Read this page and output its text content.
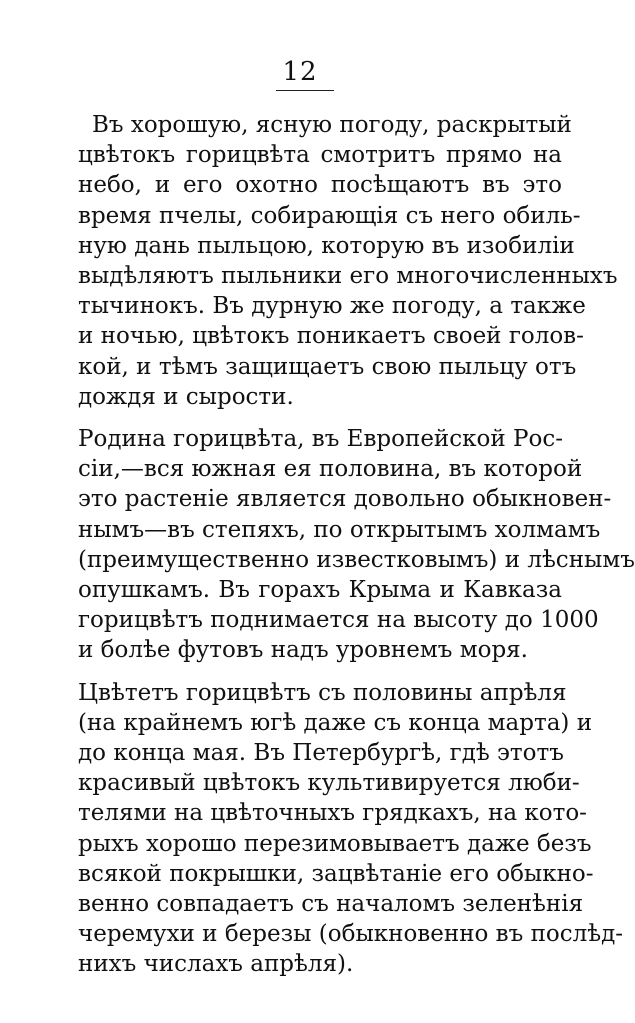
12

Въ хорошую, ясную погоду, раскрытый
цвѣтокъ горицвѣта смотритъ прямо на
небо, и его охотно посѣщаютъ въ это
время пчелы, собирающія съ него обиль-
ную дань пыльцою, которую въ изобиліи
выдѣляютъ пыльники его многочисленныхъ
тычинокъ. Въ дурную же погоду, а также
и ночью, цвѣтокъ поникаетъ своей голов-
кой, и тѣмъ защищаетъ свою пыльцу отъ
дождя и сырости.

Родина горицвѣта, въ Европейской Рос-
сіи,—вся южная ея половина, въ которой
это растеніе является довольно обыкновен-
нымъ—въ степяхъ, по открытымъ холмамъ
(преимущественно известковымъ) и лѣснымъ
опушкамъ. Въ горахъ Крыма и Кавказа
горицвѣтъ поднимается на высоту до 1000
и болѣе футовъ надъ уровнемъ моря.

Цвѣтетъ горицвѣтъ съ половины апрѣля
(на крайнемъ югѣ даже съ конца марта) и
до конца мая. Въ Петербургѣ, гдѣ этотъ
красивый цвѣтокъ культивируется люби-
телями на цвѣточныхъ грядкахъ, на кото-
рыхъ хорошо перезимовываетъ даже безъ
всякой покрышки, зацвѣтаніе его обыкно-
венно совпадаетъ съ началомъ зеленѣнія
черемухи и березы (обыкновенно въ послѣд-
нихъ числахъ апрѣля).
